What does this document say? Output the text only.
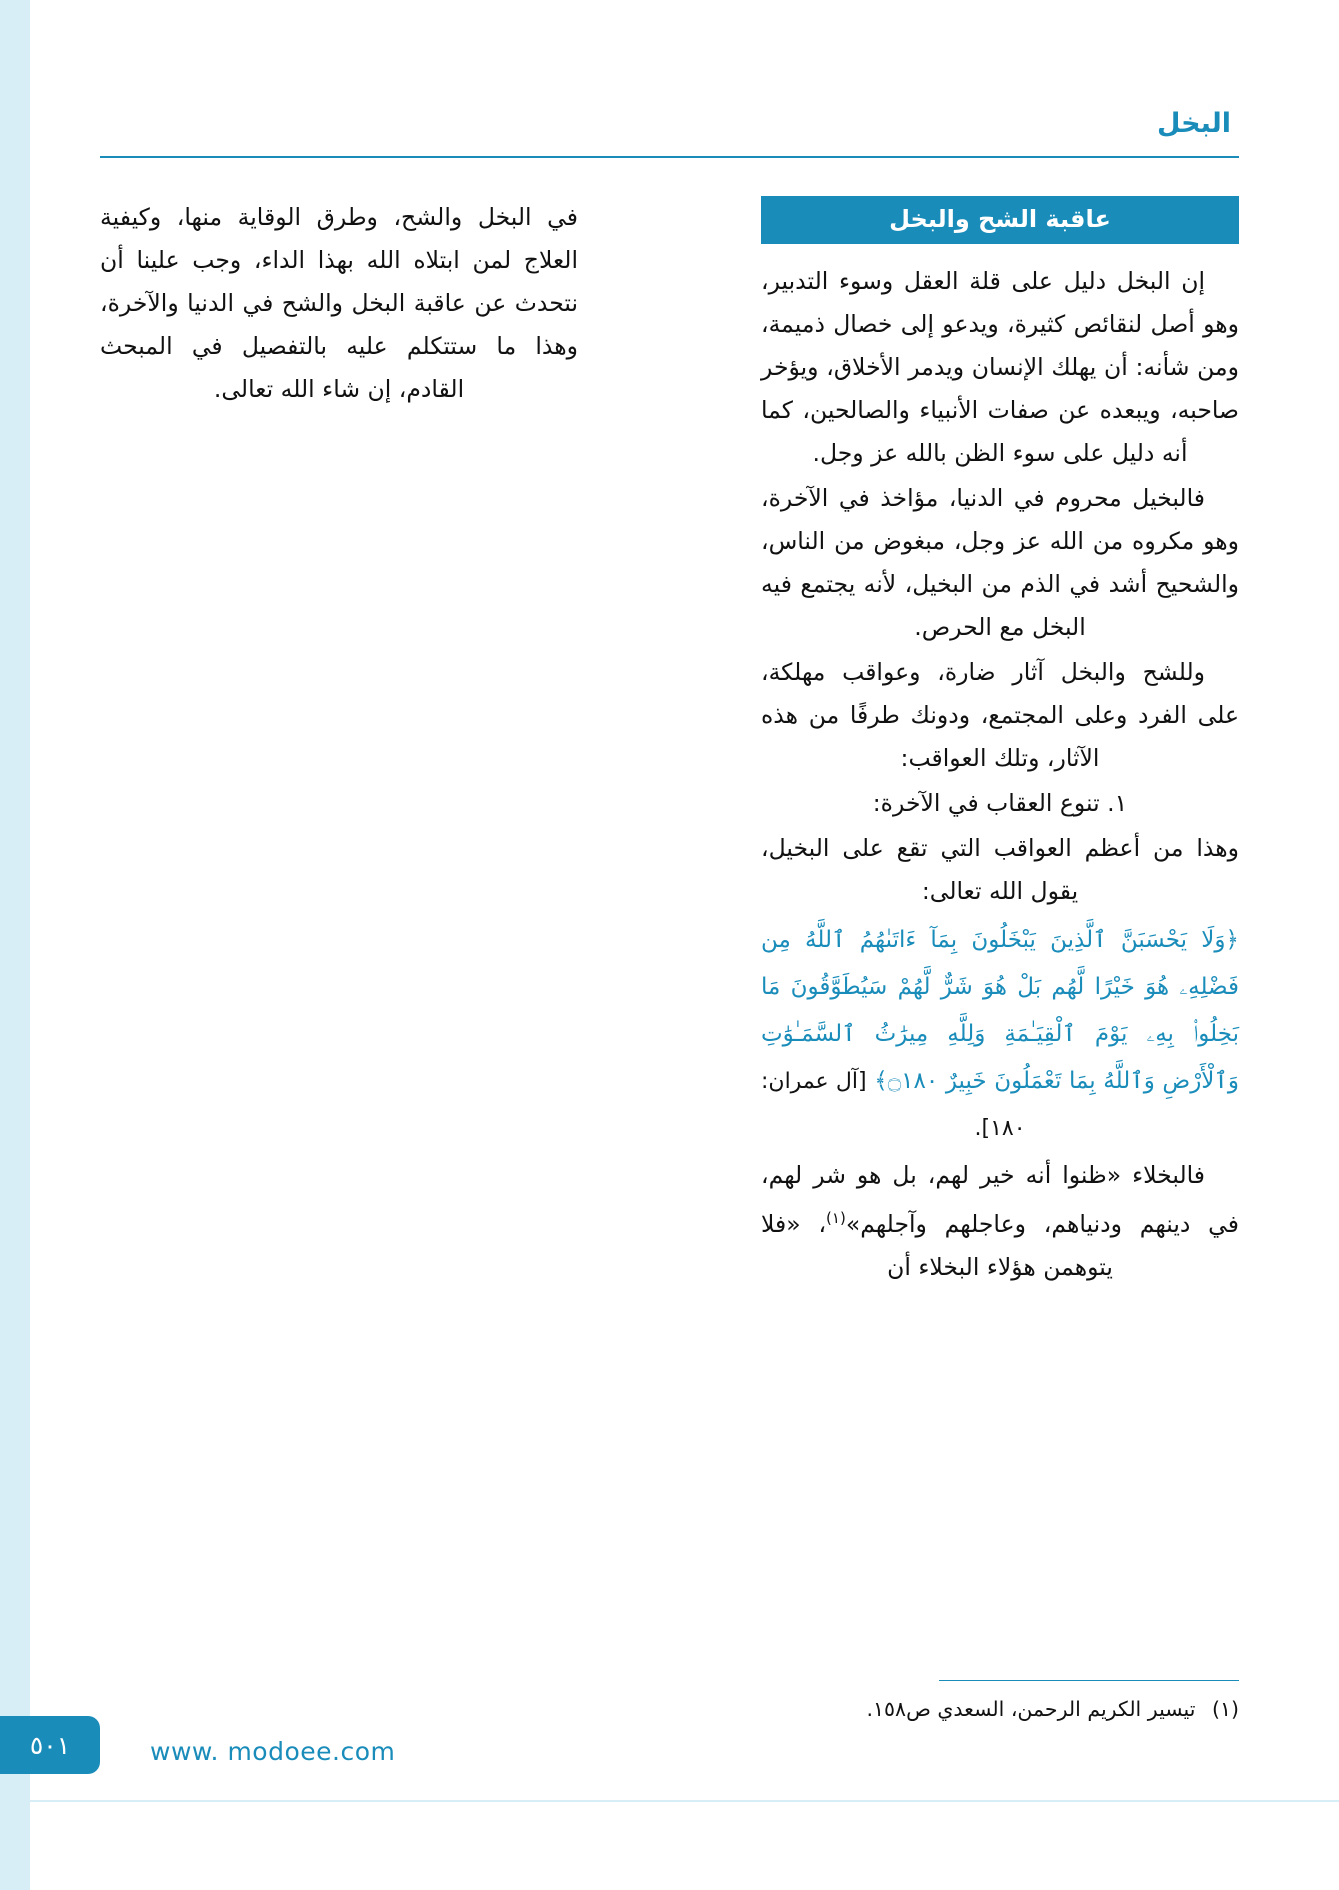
البخل

في البخل والشح، وطرق الوقاية منها، وكيفية العلاج لمن ابتلاه الله بهذا الداء، وجب علينا أن نتحدث عن عاقبة البخل والشح في الدنيا والآخرة، وهذا ما ستتكلم عليه بالتفصيل في المبحث القادم، إن شاء الله تعالى.

عاقبة الشح والبخل

إن البخل دليل على قلة العقل وسوء التدبير، وهو أصل لنقائص كثيرة، ويدعو إلى خصال ذميمة، ومن شأنه: أن يهلك الإنسان ويدمر الأخلاق، ويؤخر صاحبه، ويبعده عن صفات الأنبياء والصالحين، كما أنه دليل على سوء الظن بالله عز وجل.

فالبخيل محروم في الدنيا، مؤاخذ في الآخرة، وهو مكروه من الله عز وجل، مبغوض من الناس، والشحيح أشد في الذم من البخيل، لأنه يجتمع فيه البخل مع الحرص.

وللشح والبخل آثار ضارة، وعواقب مهلكة، على الفرد وعلى المجتمع، ودونك طرفًا من هذه الآثار، وتلك العواقب:

١. تنوع العقاب في الآخرة:

وهذا من أعظم العواقب التي تقع على البخيل، يقول الله تعالى:

﴿وَلَا يَحْسَبَنَّ ٱلَّذِينَ يَبْخَلُونَ بِمَآ ءَاتَىٰهُمُ ٱللَّهُ مِن فَضْلِهِۦ هُوَ خَيْرًا لَّهُم بَلْ هُوَ شَرٌّ لَّهُمْ سَيُطَوَّقُونَ مَا بَخِلُوا۟ بِهِۦ يَوْمَ ٱلْقِيَـٰمَةِ وَلِلَّهِ مِيرَٰثُ ٱلسَّمَـٰوَٰتِ وَٱلْأَرْضِ وَٱللَّهُ بِمَا تَعْمَلُونَ خَبِيرٌ ۝١٨٠﴾ [آل عمران: ١٨٠].

فالبخلاء «ظنوا أنه خير لهم، بل هو شر لهم، في دينهم ودنياهم، وعاجلهم وآجلهم»$^{(١)}$، «فلا يتوهمن هؤلاء البخلاء أن

(١) تيسير الكريم الرحمن، السعدي ص١٥٨.
٥٠١	www. modoee.com
